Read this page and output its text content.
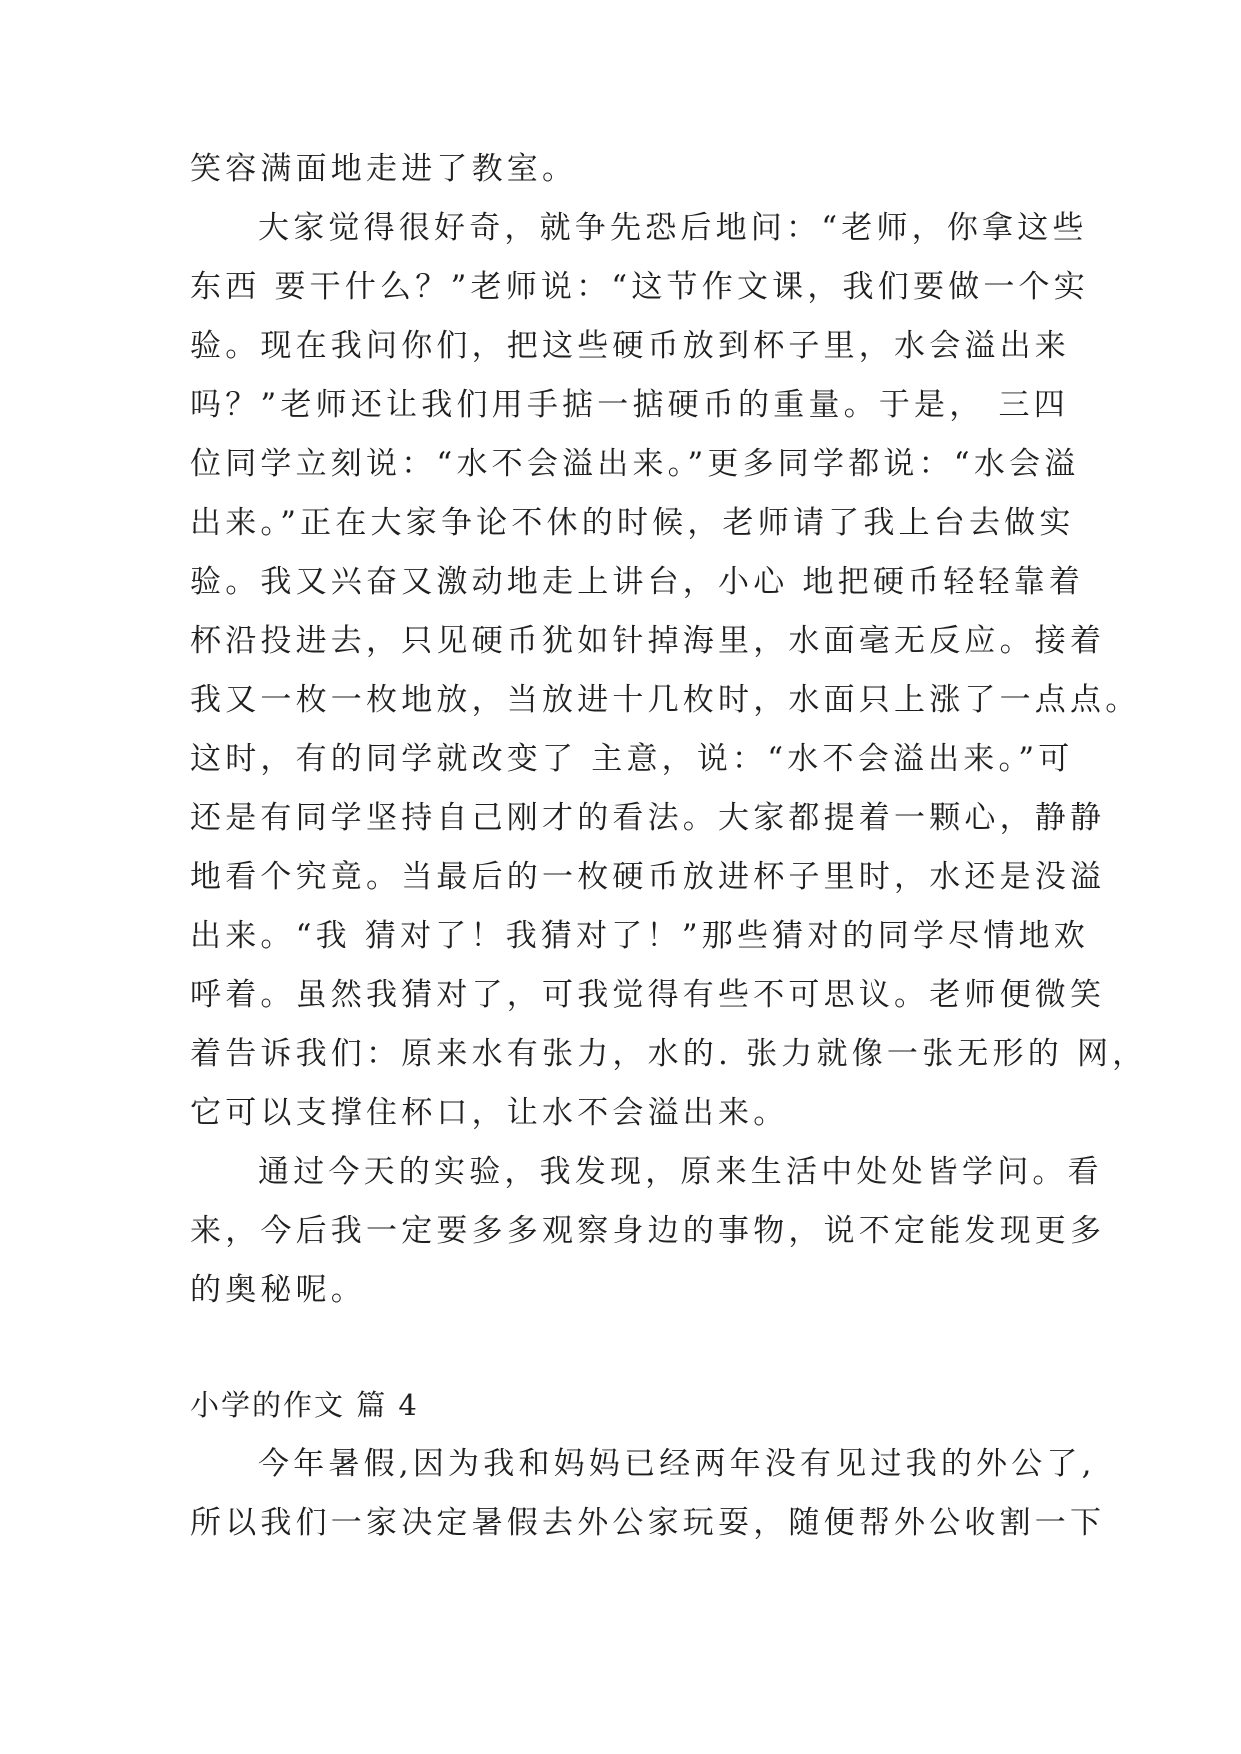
笑容满面地走进了教室。
大家觉得很好奇，就争先恐后地问：“老师，你拿这些
东西 要干什么？”老师说：“这节作文课，我们要做一个实
验。现在我问你们，把这些硬币放到杯子里，水会溢出来
吗？”老师还让我们用手掂一掂硬币的重量。于是， 三四
位同学立刻说：“水不会溢出来。”更多同学都说：“水会溢
出来。”正在大家争论不休的时候，老师请了我上台去做实
验。我又兴奋又激动地走上讲台，小心 地把硬币轻轻靠着
杯沿投进去，只见硬币犹如针掉海里，水面毫无反应。接着
我又一枚一枚地放，当放进十几枚时，水面只上涨了一点点。
这时，有的同学就改变了 主意，说：“水不会溢出来。”可
还是有同学坚持自己刚才的看法。大家都提着一颗心，静静
地看个究竟。当最后的一枚硬币放进杯子里时，水还是没溢
出来。“我 猜对了！我猜对了！”那些猜对的同学尽情地欢
呼着。虽然我猜对了，可我觉得有些不可思议。老师便微笑
着告诉我们：原来水有张力，水的. 张力就像一张无形的 网，
它可以支撑住杯口，让水不会溢出来。
通过今天的实验，我发现，原来生活中处处皆学问。看
来，今后我一定要多多观察身边的事物，说不定能发现更多
的奥秘呢。
小学的作文 篇 4
今年暑假,因为我和妈妈已经两年没有见过我的外公了,
所以我们一家决定暑假去外公家玩耍，随便帮外公收割一下
